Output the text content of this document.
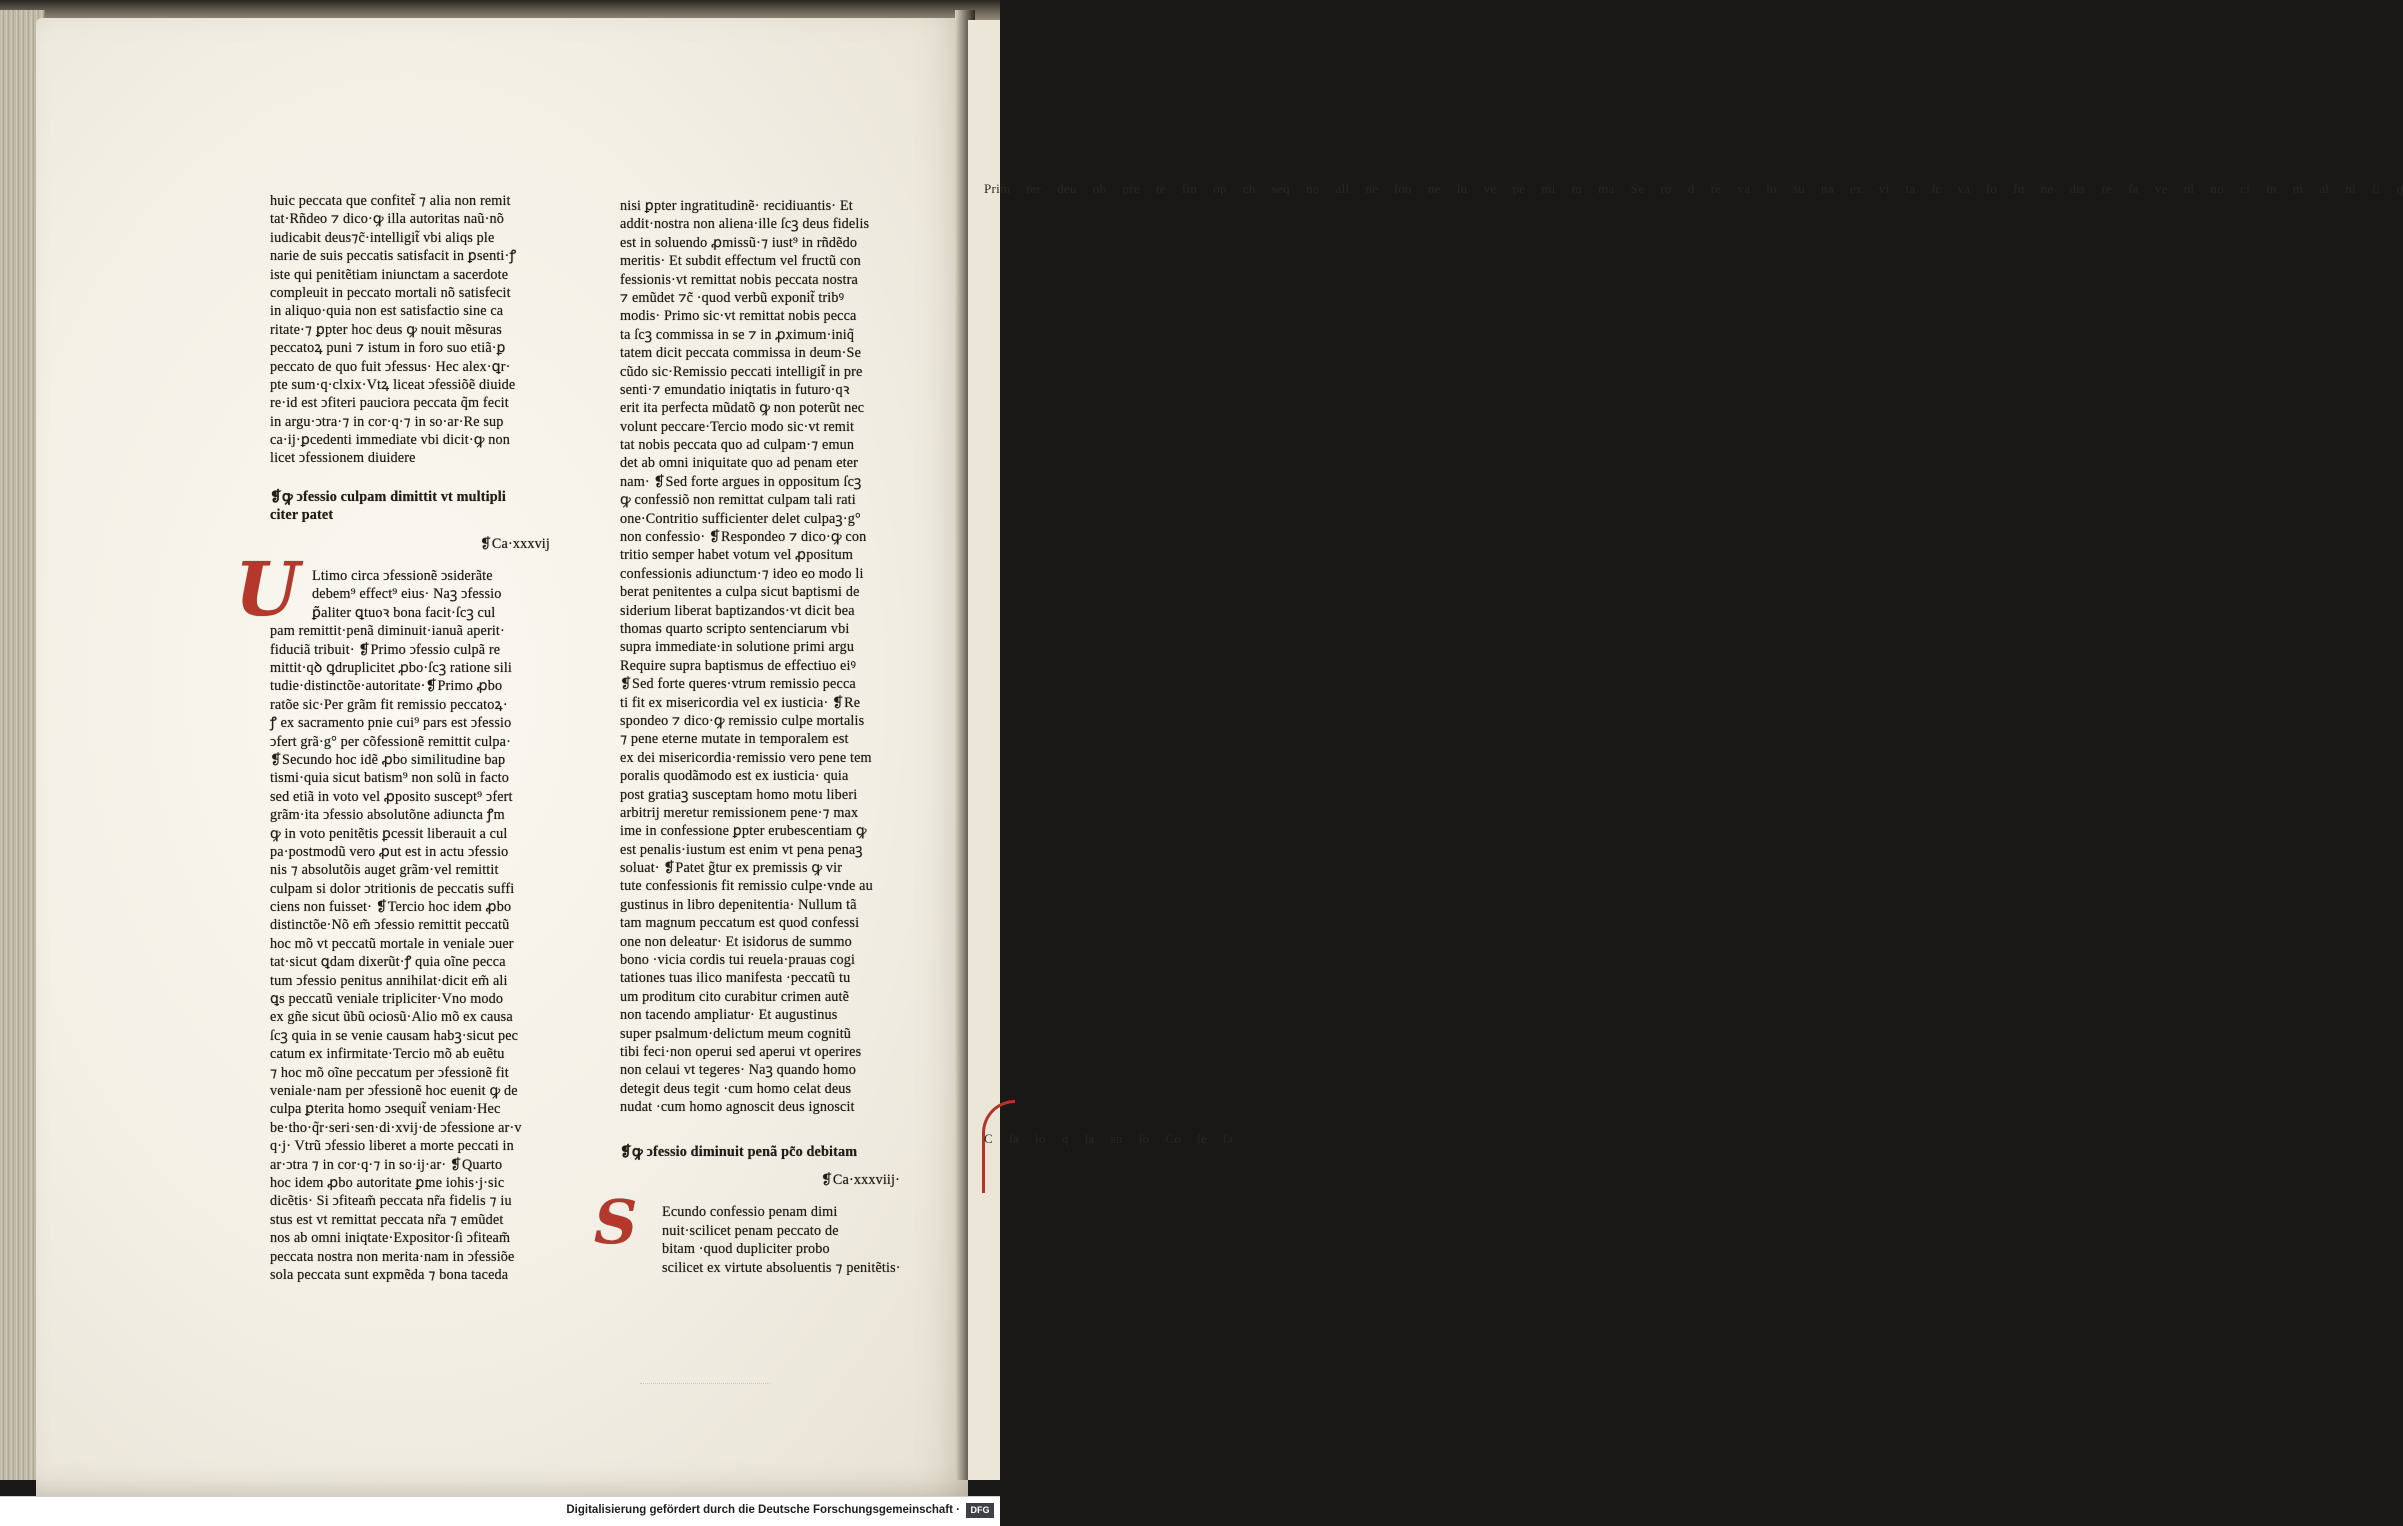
Prim ter deu ob pre te fin op ch seq no all ne loo ne lu ve pe mi tu ma Se ro d re va lo su na ex vi ta ſc va lo fu ne dis re fa ve ul no ci in m al ni fi q
C ſa lo q la su ſo Co ſe ſa
huic peccata que confitet̃ ⁊ alia non remit
tat·Rñdeo ⁊ dico·ꝙ illa autoritas naũ·nõ
iudicabit deus⁊c̃·intelligit̃ vbi aliqs ple
narie de suis peccatis satisfacit in ꝑsenti·ꝭ
iste qui penitẽtiam iniunctam a sacerdote
compleuit in peccato mortali nõ satisfecit
in aliquo·quia non est satisfactio sine ca
ritate·⁊ ꝑpter hoc deus ꝙ nouit mẽsuras
peccatoꝝ puni ⁊ istum in foro suo etiã·ꝑ
peccato de quo fuit ↄfessus· Hec alex·ꝗr·
pte sum·q·clxix·Vtꝝ liceat ↄfessiõẽ diuide
re·id est ↄfiteri pauciora peccata q̃m fecit
in argu·ↄtra·⁊ in cor·q·⁊ in so·ar·Re sup
ca·ij·ꝑcedenti immediate vbi dicit·ꝙ non
licet ↄfessionem diuidere
❡ꝙ ↄfessio culpam dimittit vt multipli
citer patet
❡Ca·xxxvij
U Ltimo circa ↄfessionẽ ↄsiderãte
debem⁹ effect⁹ eius· Naꝫ ↄfessio
ꝑ̃aliter ꝗtuoꝛ bona facit·ſcꝫ cul
pam remittit·penã diminuit·ianuã aperit·
fiduciã tribuit· ❡Primo ↄfessio culpã re
mittit·qꝺ ꝗdruplicitet ꝓbo·ſcꝫ ratione sili
tudie·distinctõe·autoritate·❡Primo ꝓbo
ratõe sic·Per grãm fit remissio peccatoꝝ·
ꝭ ex sacramento pnie cui⁹ pars est ↄfessio
ↄfert grã·g° per cõfessionẽ remittit culpa·
❡Secundo hoc idẽ ꝓbo similitudine bap
tismi·quia sicut batism⁹ non solũ in facto
sed etiã in voto vel ꝓposito suscept⁹ ↄfert
grãm·ita ↄfessio absolutõne adiuncta ꝭm
ꝙ in voto penitẽtis ꝑcessit liberauit a cul
pa·postmodũ vero ꝓut est in actu ↄfessio
nis ⁊ absolutõis auget grãm·vel remittit
culpam si dolor ↄtritionis de peccatis suffi
ciens non fuisset· ❡Tercio hoc idem ꝓbo
distinctõe·Nõ em̃ ↄfessio remittit peccatũ
hoc mõ vt peccatũ mortale in veniale ↄuer
tat·sicut ꝗdam dixerũt·ꝭ quia oĩne pecca
tum ↄfessio penitus annihilat·dicit em̃ ali
ꝗs peccatũ veniale tripliciter·Vno modo
ex gñe sicut ũbũ ociosũ·Alio mõ ex causa
ſcꝫ quia in se venie causam habꝫ·sicut pec
catum ex infirmitate·Tercio mõ ab euẽtu
⁊ hoc mõ oĩne peccatum per ↄfessionẽ fit
veniale·nam per ↄfessionẽ hoc euenit ꝙ de
culpa ꝑterita homo ↄsequit̃ veniam·Hec
be·tho·q̃r·seri·sen·di·xvij·de ↄfessione ar·v
q·j· Vtrũ ↄfessio liberet a morte peccati in
ar·ↄtra ⁊ in cor·q·⁊ in so·ij·ar· ❡Quarto
hoc idem ꝓbo autoritate ꝑme iohis·j·sic
dicẽtis· Si ↄfiteam̃ peccata nr̃a fidelis ⁊ iu
stus est vt remittat peccata nr̃a ⁊ emũdet
nos ab omni iniqtate·Expositor·ſi ↄfiteam̃
peccata nostra non merita·nam in ↄfessiõe
sola peccata sunt expmẽda ⁊ bona taceda
nisi ꝑpter ingratitudinẽ· recidiuantis· Et
addit·nostra non aliena·ille ſcꝫ deus fidelis
est in soluendo ꝓmissũ·⁊ iust⁹ in rñdẽdo
meritis· Et subdit effectum vel fructũ con
fessionis·vt remittat nobis peccata nostra
⁊ emũdet ⁊c̃ ·quod verbũ exponit̃ tribꝰ
modis· Primo sic·vt remittat nobis pecca
ta ſcꝫ commissa in se ⁊ in ꝓximum·iniq̃
tatem dicit peccata commissa in deum·Se
cũdo sic·Remissio peccati intelligit̃ in pre
senti·⁊ emundatio iniqtatis in futuro·qꝛ
erit ita perfecta mũdatõ ꝙ non poterũt nec
volunt peccare·Tercio modo sic·vt remit
tat nobis peccata quo ad culpam·⁊ emun
det ab omni iniquitate quo ad penam eter
nam· ❡Sed forte argues in oppositum ſcꝫ
ꝙ confessiõ non remittat culpam tali rati
one·Contritio sufficienter delet culpaꝫ·g°
non confessio· ❡Respondeo ⁊ dico·ꝙ con
tritio semper habet votum vel ꝓpositum
confessionis adiunctum·⁊ ideo eo modo li
berat penitentes a culpa sicut baptismi de
siderium liberat baptizandos·vt dicit bea
thomas quarto scripto sentenciarum vbi
supra immediate·in solutione primi argu
Require supra baptismus de effectiuo eiꝰ
❡Sed forte queres·vtrum remissio pecca
ti fit ex misericordia vel ex iusticia· ❡Re
spondeo ⁊ dico·ꝙ remissio culpe mortalis
⁊ pene eterne mutate in temporalem est
ex dei misericordia·remissio vero pene tem
poralis quodãmodo est ex iusticia· quia
post gratiaꝫ susceptam homo motu liberi
arbitrij meretur remissionem pene·⁊ max
ime in confessione ꝑpter erubescentiam ꝙ
est penalis·iustum est enim vt pena penaꝫ
soluat· ❡Patet g̃tur ex premissis ꝙ vir
tute confessionis fit remissio culpe·vnde au
gustinus in libro depenitentia· Nullum tã
tam magnum peccatum est quod confessi
one non deleatur· Et isidorus de summo
bono ·vicia cordis tui reuela·prauas cogi
tationes tuas ilico manifesta ·peccatũ tu
um proditum cito curabitur crimen autẽ
non tacendo ampliatur· Et augustinus
super psalmum·delictum meum cognitũ
tibi feci·non operui sed aperui vt operires
non celaui vt tegeres· Naꝫ quando homo
detegit deus tegit ·cum homo celat deus
nudat ·cum homo agnoscit deus ignoscit
❡ꝙ ↄfessio diminuit penã pc̃o debitam
❡Ca·xxxviij·
S Ecundo confessio penam dimi
nuit·scilicet penam peccato de
bitam ·quod dupliciter probo
scilicet ex virtute absoluentis ⁊ penitẽtis·
Digitalisierung gefördert durch die Deutsche Forschungsgemeinschaft ·	DFG
